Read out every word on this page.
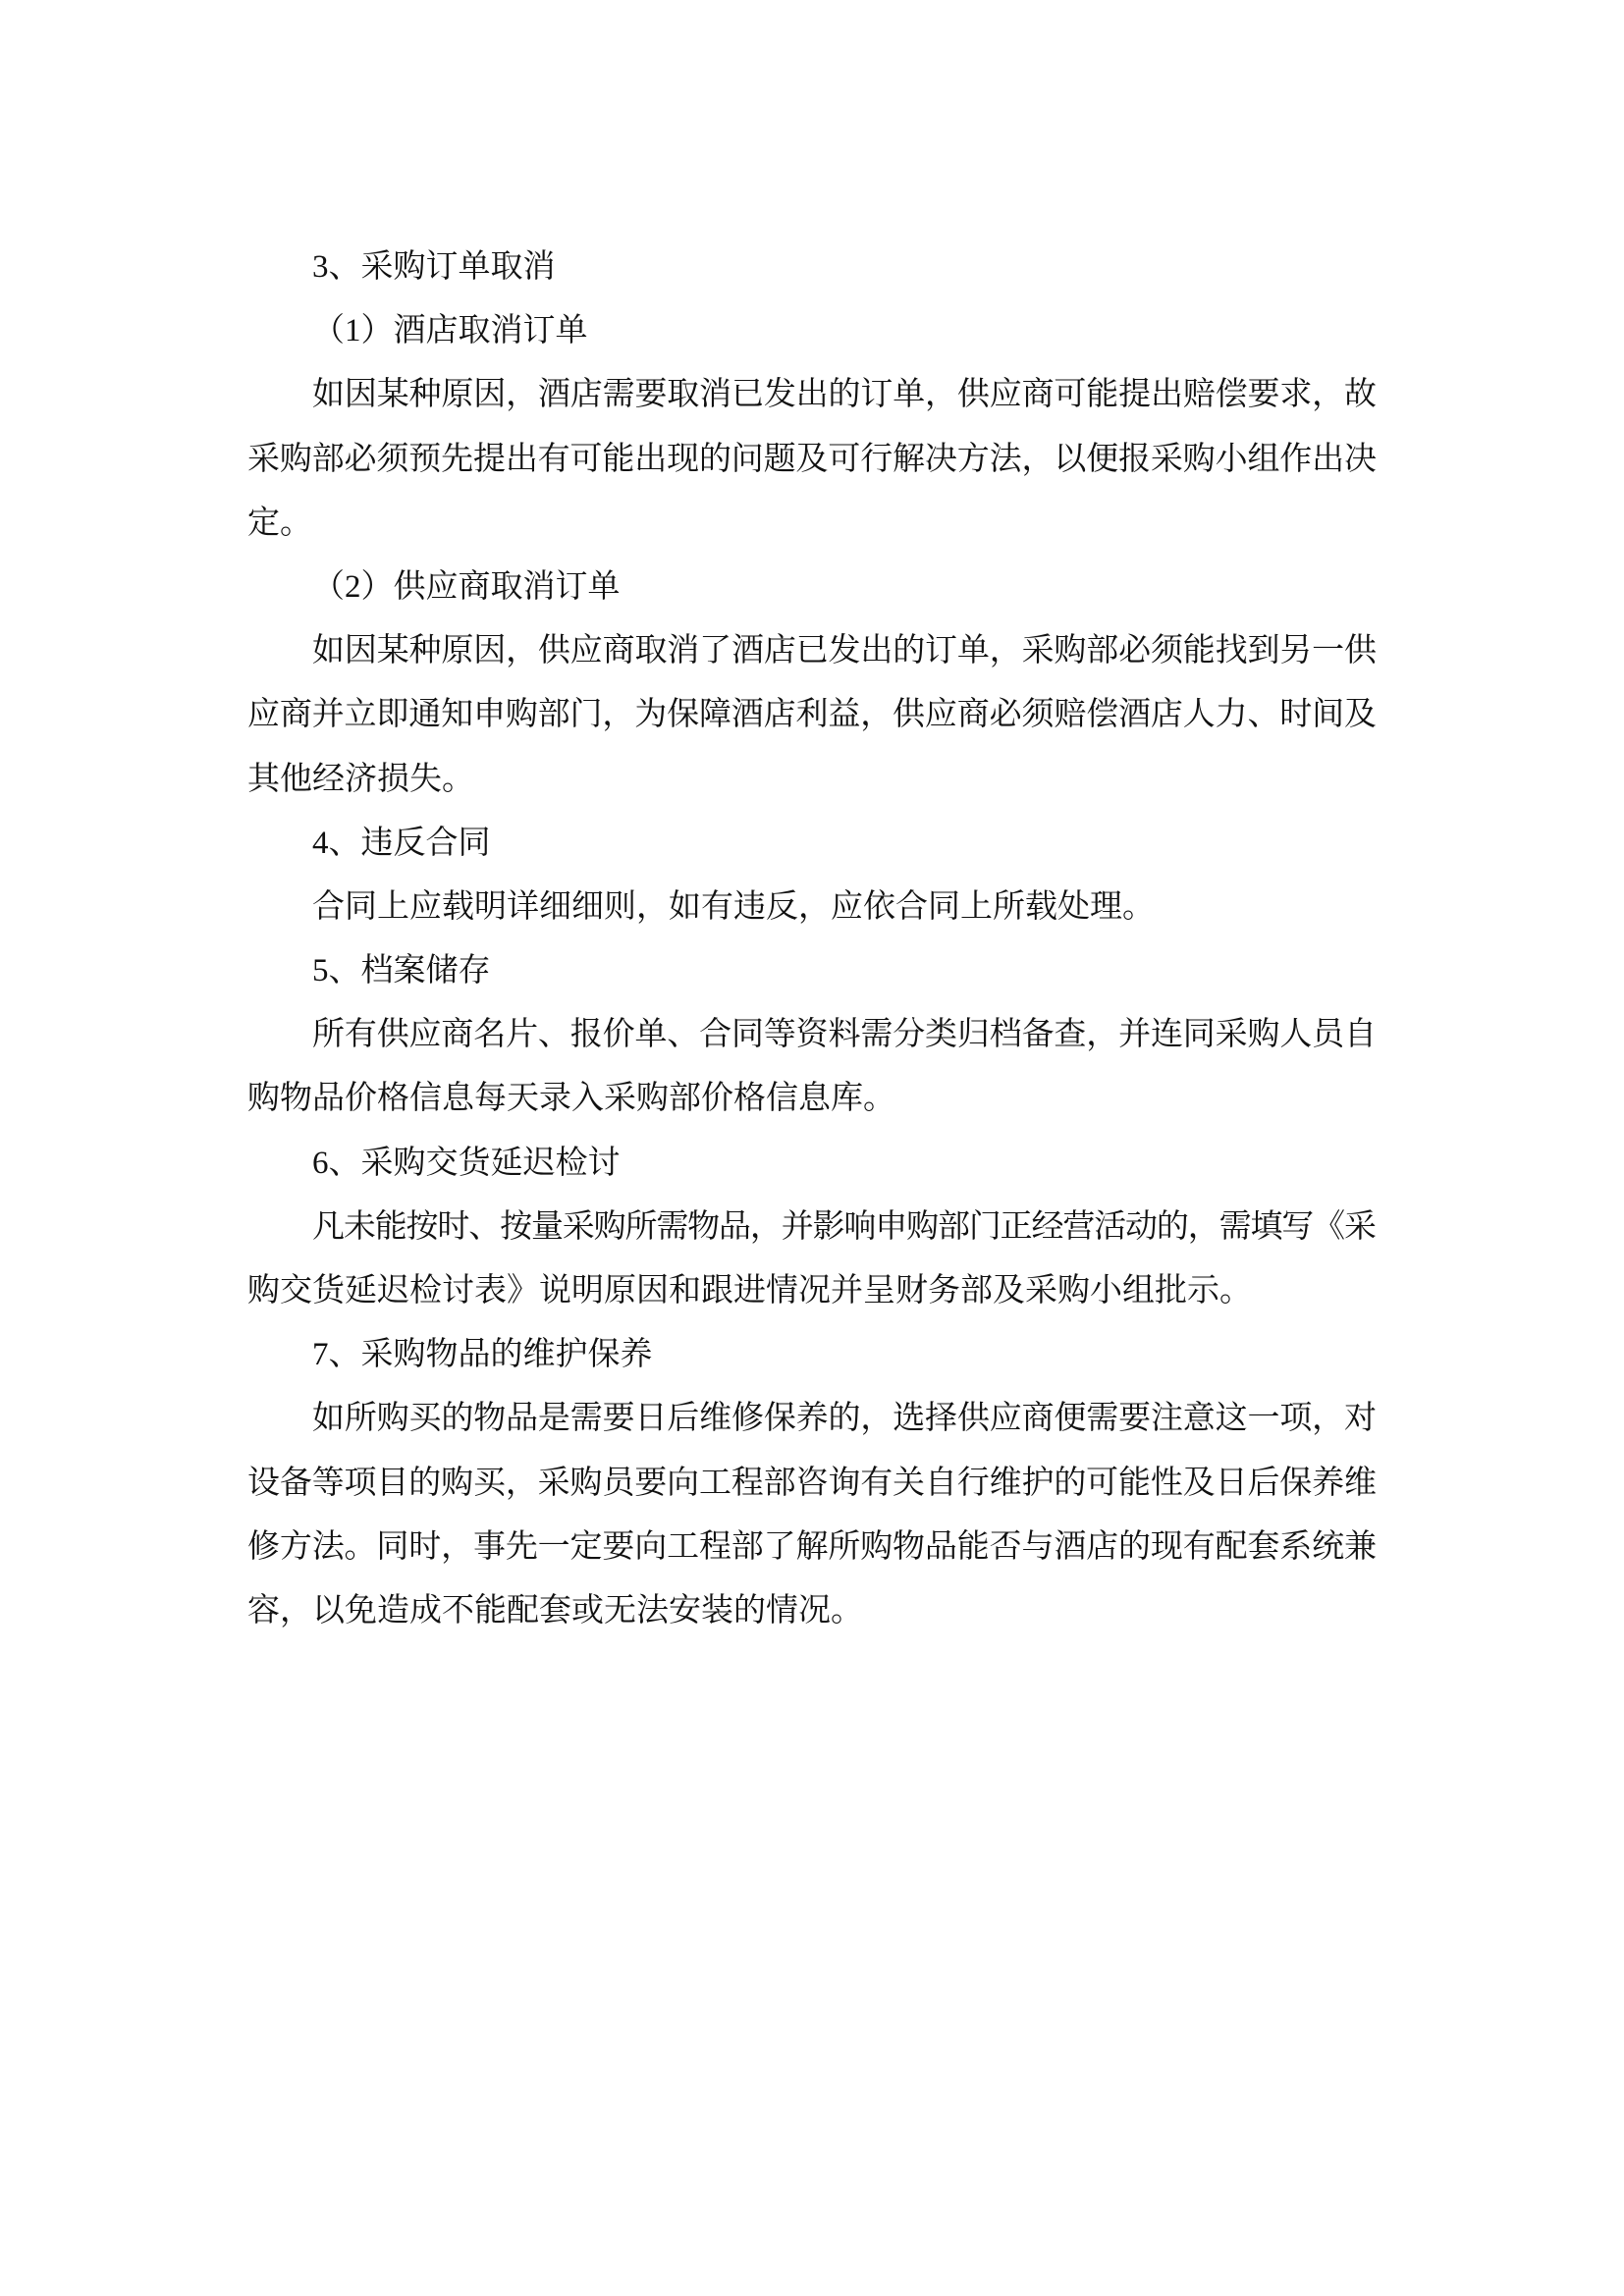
3、采购订单取消
（1）酒店取消订单
如因某种原因，酒店需要取消已发出的订单，供应商可能提出赔偿要求，故
采购部必须预先提出有可能出现的问题及可行解决方法，以便报采购小组作出决
定。
（2）供应商取消订单
如因某种原因，供应商取消了酒店已发出的订单，采购部必须能找到另一供
应商并立即通知申购部门，为保障酒店利益，供应商必须赔偿酒店人力、时间及
其他经济损失。
4、违反合同
合同上应载明详细细则，如有违反，应依合同上所载处理。
5、档案储存
所有供应商名片、报价单、合同等资料需分类归档备查，并连同采购人员自
购物品价格信息每天录入采购部价格信息库。
6、采购交货延迟检讨
凡未能按时、按量采购所需物品，并影响申购部门正经营活动的，需填写《采
购交货延迟检讨表》说明原因和跟进情况并呈财务部及采购小组批示。
7、采购物品的维护保养
如所购买的物品是需要日后维修保养的，选择供应商便需要注意这一项，对
设备等项目的购买，采购员要向工程部咨询有关自行维护的可能性及日后保养维
修方法。同时，事先一定要向工程部了解所购物品能否与酒店的现有配套系统兼
容，以免造成不能配套或无法安装的情况。
